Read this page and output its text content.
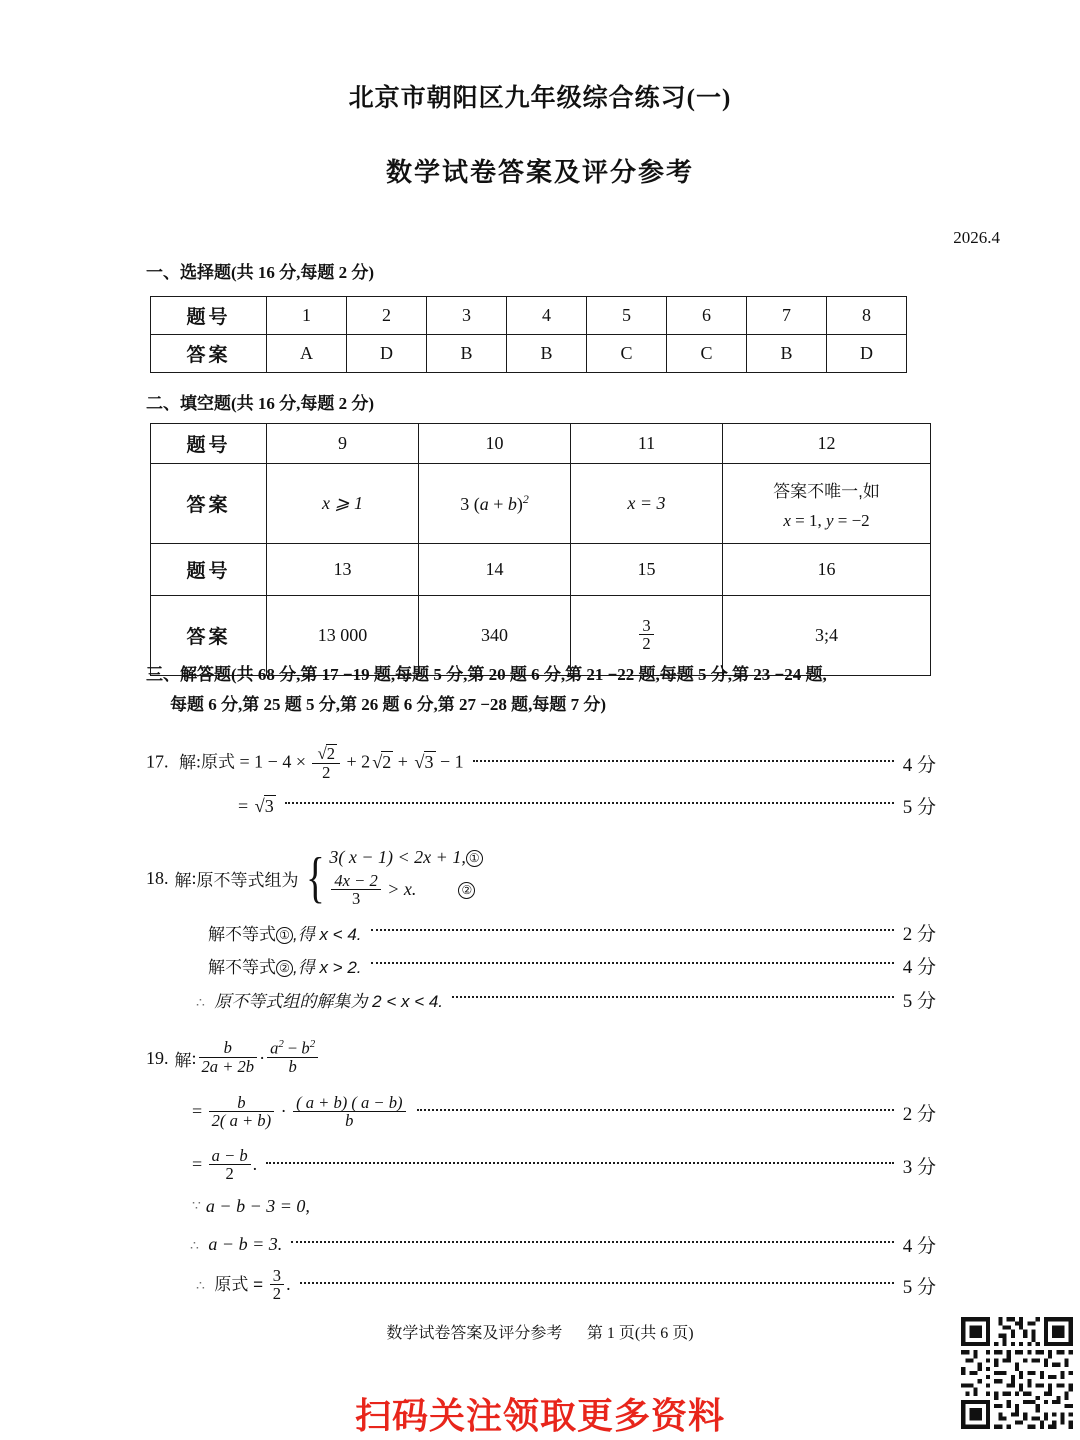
北京市朝阳区九年级综合练习(一)
数学试卷答案及评分参考
2026.4
一、选择题(共 16 分,每题 2 分)
题号	1	2	3	4	5	6	7	8
答案	A	D	B	B	C	C	B	D
二、填空题(共 16 分,每题 2 分)
题号	9	10	11	12
答案	x ⩾ 1	3 $(a + b)^2$	x = 3	答案不唯一,如
x = 1, y = −2

题号	13	14	15	16
答案	13 000	340	$\frac{3}{2}$	3;4
三、解答题(共 68 分,第 17 −19 题,每题 5 分,第 20 题 6 分,第 21 −22 题,每题 5 分,第 23 −24 题,
每题 6 分,第 25 题 5 分,第 26 题 6 分,第 27 −28 题,每题 7 分)
17. 解:原式 = $1 - 4 \times \frac{√2}{2} + 2$ √2 + √3 − 1	4 分
= √3	5 分
18. 解 : 原不等式组为 { 3( x − 1) < 2x + 1, ①
$\frac{4x - 2}{3} > x$.	②
解不等式 ① ,得 x < 4.	2 分
解不等式 ② ,得 x > 2.	4 分
∴ 原不等式组的解集为 2 < x < 4.	5 分
19. 解 : $\frac{b}{2a + 2b} \cdot \frac{a^2 - b^2}{b}$
= $\frac{b}{2( a + b)} \cdot \frac{( a + b) ( a - b)}{b}$	2 分
= $\frac{a - b}{2}$ .	3 分
∵ a − b − 3 = 0,
∴ a − b = 3.	4 分
∴ 原式 = $\frac{3}{2}$ .	5 分
数学试卷答案及评分参考 第 1 页(共 6 页)
扫码关注领取更多资料
